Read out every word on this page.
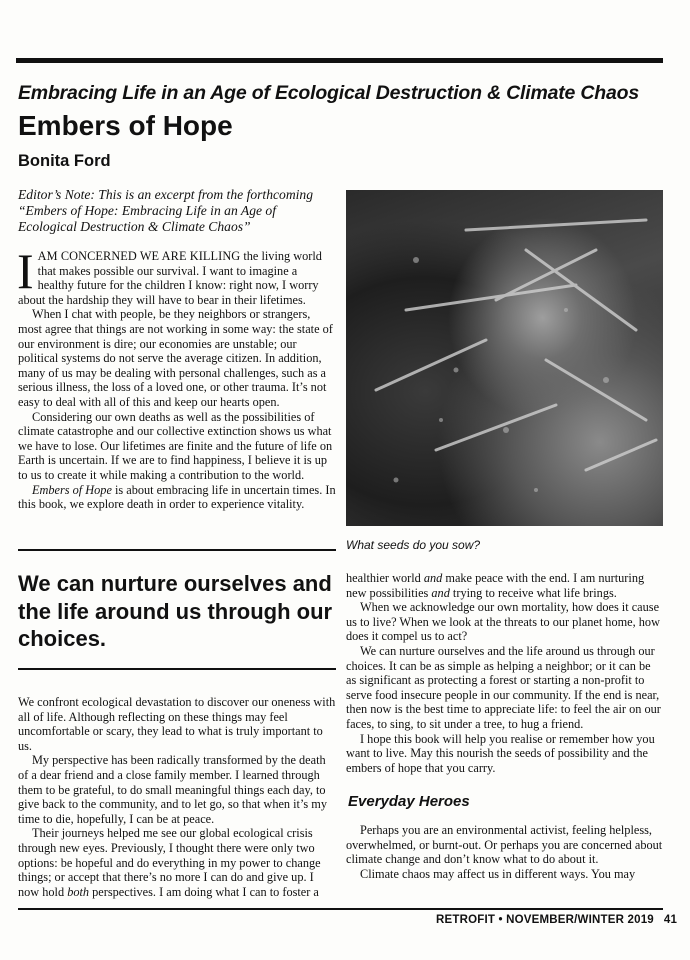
Embracing Life in an Age of Ecological Destruction & Climate Chaos
Embers of Hope
Bonita Ford
Editor’s Note: This is an excerpt from the forthcoming “Embers of Hope: Embracing Life in an Age of Ecological Destruction & Climate Chaos”

IAM CONCERNED WE ARE KILLING the living world that makes possible our survival. I want to imagine a healthy future for the children I know: right now, I worry about the hardship they will have to bear in their lifetimes.

When I chat with people, be they neighbors or strangers, most agree that things are not working in some way: the state of our environment is dire; our economies are unstable; our political systems do not serve the average citizen. In addition, many of us may be dealing with personal challenges, such as a serious illness, the loss of a loved one, or other trauma. It’s not easy to deal with all of this and keep our hearts open.

Considering our own deaths as well as the possibilities of climate catastrophe and our collective extinction shows us what we have to lose. Our lifetimes are finite and the future of life on Earth is uncertain. If we are to find happiness, I believe it is up to us to create it while making a contribution to the world.

Embers of Hope is about embracing life in uncertain times. In this book, we explore death in order to experience vitality.

What seeds do you sow?
We can nurture ourselves and the life around us through our choices.

We confront ecological devastation to discover our oneness with all of life. Although reflecting on these things may feel uncomfortable or scary, they lead to what is truly important to us.

My perspective has been radically transformed by the death of a dear friend and a close family member. I learned through them to be grateful, to do small meaningful things each day, to give back to the community, and to let go, so that when it’s my time to die, hopefully, I can be at peace.

Their journeys helped me see our global ecological crisis through new eyes. Previously, I thought there were only two options: be hopeful and do everything in my power to change things; or accept that there’s no more I can do and give up. I now hold both perspectives. I am doing what I can to foster a

healthier world and make peace with the end. I am nurturing new possibilities and trying to receive what life brings.

When we acknowledge our own mortality, how does it cause us to live? When we look at the threats to our planet home, how does it compel us to act?

We can nurture ourselves and the life around us through our choices. It can be as simple as helping a neighbor; or it can be as significant as protecting a forest or starting a non-profit to serve food insecure people in our community. If the end is near, then now is the best time to appreciate life: to feel the air on our faces, to sing, to sit under a tree, to hug a friend.

I hope this book will help you realise or remember how you want to live. May this nourish the seeds of possibility and the embers of hope that you carry.

Everyday Heroes

Perhaps you are an environmental activist, feeling helpless, overwhelmed, or burnt-out. Or perhaps you are concerned about climate change and don’t know what to do about it.

Climate chaos may affect us in different ways. You may

RETROFIT • NOVEMBER/WINTER 2019 41
